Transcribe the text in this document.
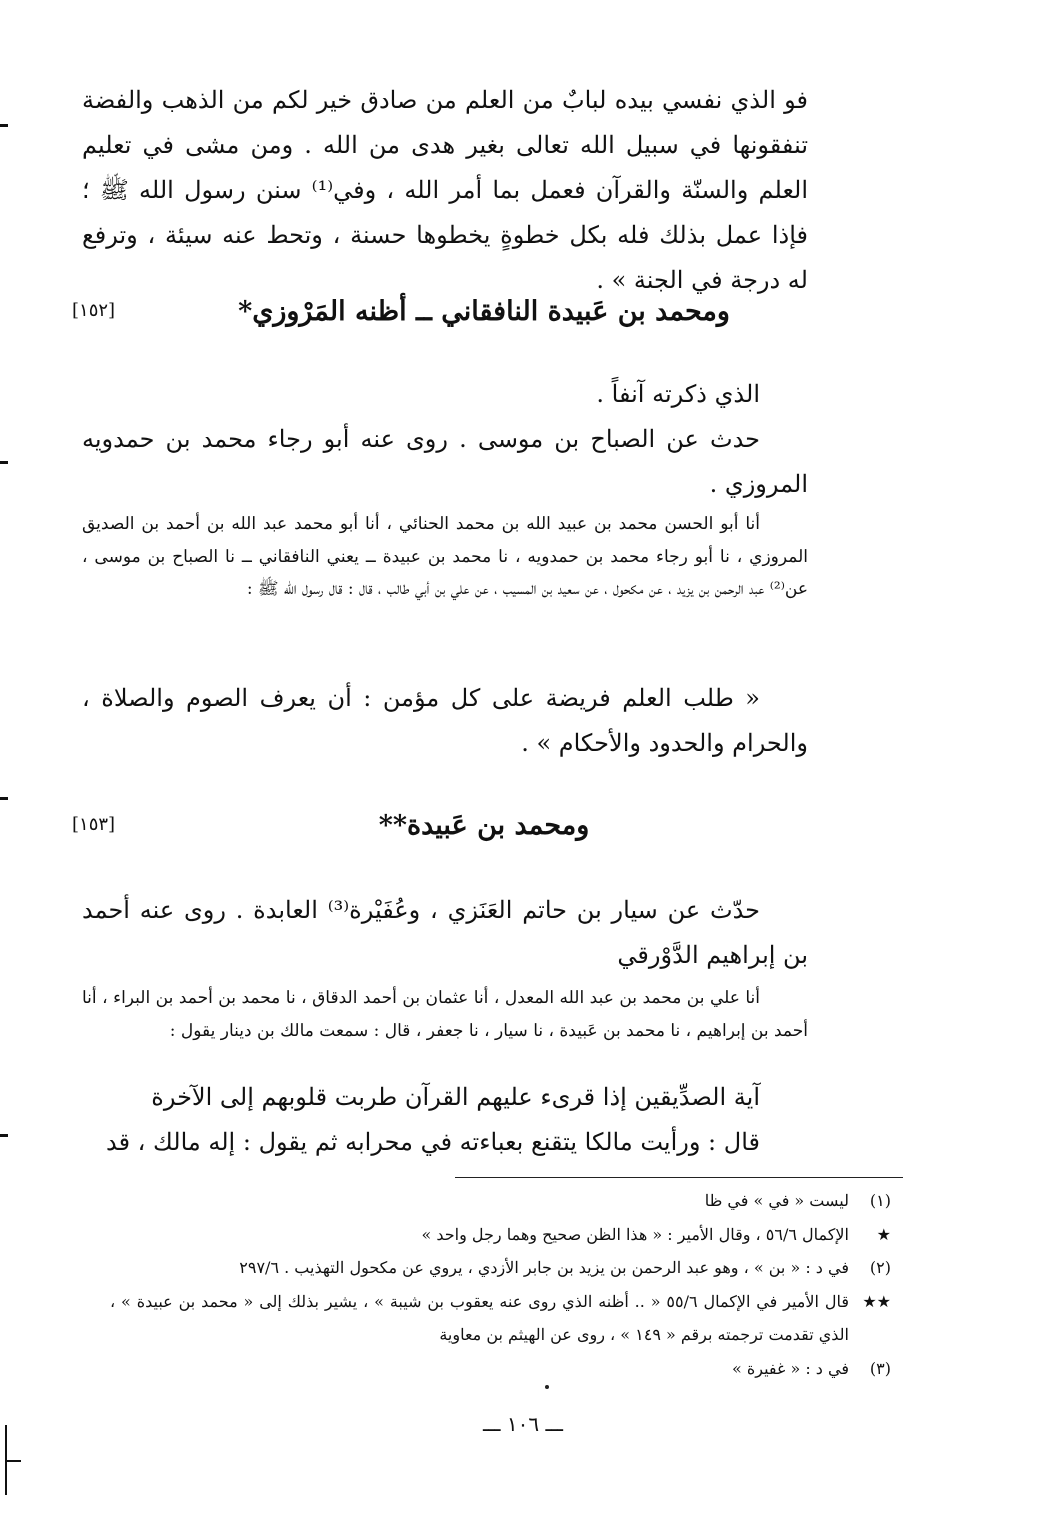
فو الذي نفسي بيده لبابٌ من العلم من صادق خير لكم من الذهب والفضة تنفقونها في سبيل الله تعالى بغير هدى من الله . ومن مشى في تعليم العلم والسنّة والقرآن فعمل بما أمر الله ، وفي⁽¹⁾ سنن رسول الله ﷺ ؛ فإذا عمل بذلك فله بكل خطوةٍ يخطوها حسنة ، وتحط عنه سيئة ، وترفع له درجة في الجنة » .

ومحمد بن عَبيدة النافقاني ــ أظنه المَرْوزي*
[١٥٢]

الذي ذكرته آنفاً .

حدث عن الصباح بن موسى . روى عنه أبو رجاء محمد بن حمدويه المروزي .

أنا أبو الحسن محمد بن عبيد الله بن محمد الحنائي ، أنا أبو محمد عبد الله بن أحمد بن الصديق المروزي ، نا أبو رجاء محمد بن حمدويه ، نا محمد بن عبيدة ــ يعني النافقاني ــ نا الصباح بن موسى ، عن⁽²⁾ عبد الرحمن بن يزيد ، عن مكحول ، عن سعيد بن المسيب ، عن علي بن أبي طالب ، قال : قال رسول الله ﷺ :

« طلب العلم فريضة على كل مؤمن : أن يعرف الصوم والصلاة ، والحرام والحدود والأحكام » .

ومحمد بن عَبيدة**
[١٥٣]

حدّث عن سيار بن حاتم العَنَزي ، وعُفَيْرة⁽³⁾ العابدة . روى عنه أحمد بن إبراهيم الدَّوْرقي

أنا علي بن محمد بن عبد الله المعدل ، أنا عثمان بن أحمد الدقاق ، نا محمد بن أحمد بن البراء ، أنا أحمد بن إبراهيم ، نا محمد بن عَبيدة ، نا سيار ، نا جعفر ، قال : سمعت مالك بن دينار يقول :

آية الصدِّيقين إذا قرىء عليهم القرآن طربت قلوبهم إلى الآخرة

قال : ورأيت مالكا يتقنع بعباءته في محرابه ثم يقول : إله مالك ، قد

(١)
ليست « في » في ظا
★
الإكمال ٥٦/٦ ، وقال الأمير : « هذا الظن صحيح وهما رجل واحد »
(٢)
في د : « بن » ، وهو عبد الرحمن بن يزيد بن جابر الأزدي ، يروي عن مكحول التهذيب . ٢٩٧/٦
★★
قال الأمير في الإكمال ٥٥/٦ « .. أظنه الذي روى عنه يعقوب بن شيبة » ، يشير بذلك إلى « محمد بن عبيدة » ، الذي تقدمت ترجمته برقم « ١٤٩ » ، روى عن الهيثم بن معاوية
(٣)
في د : « غفيرة »
ـــ ١٠٦ ـــ
